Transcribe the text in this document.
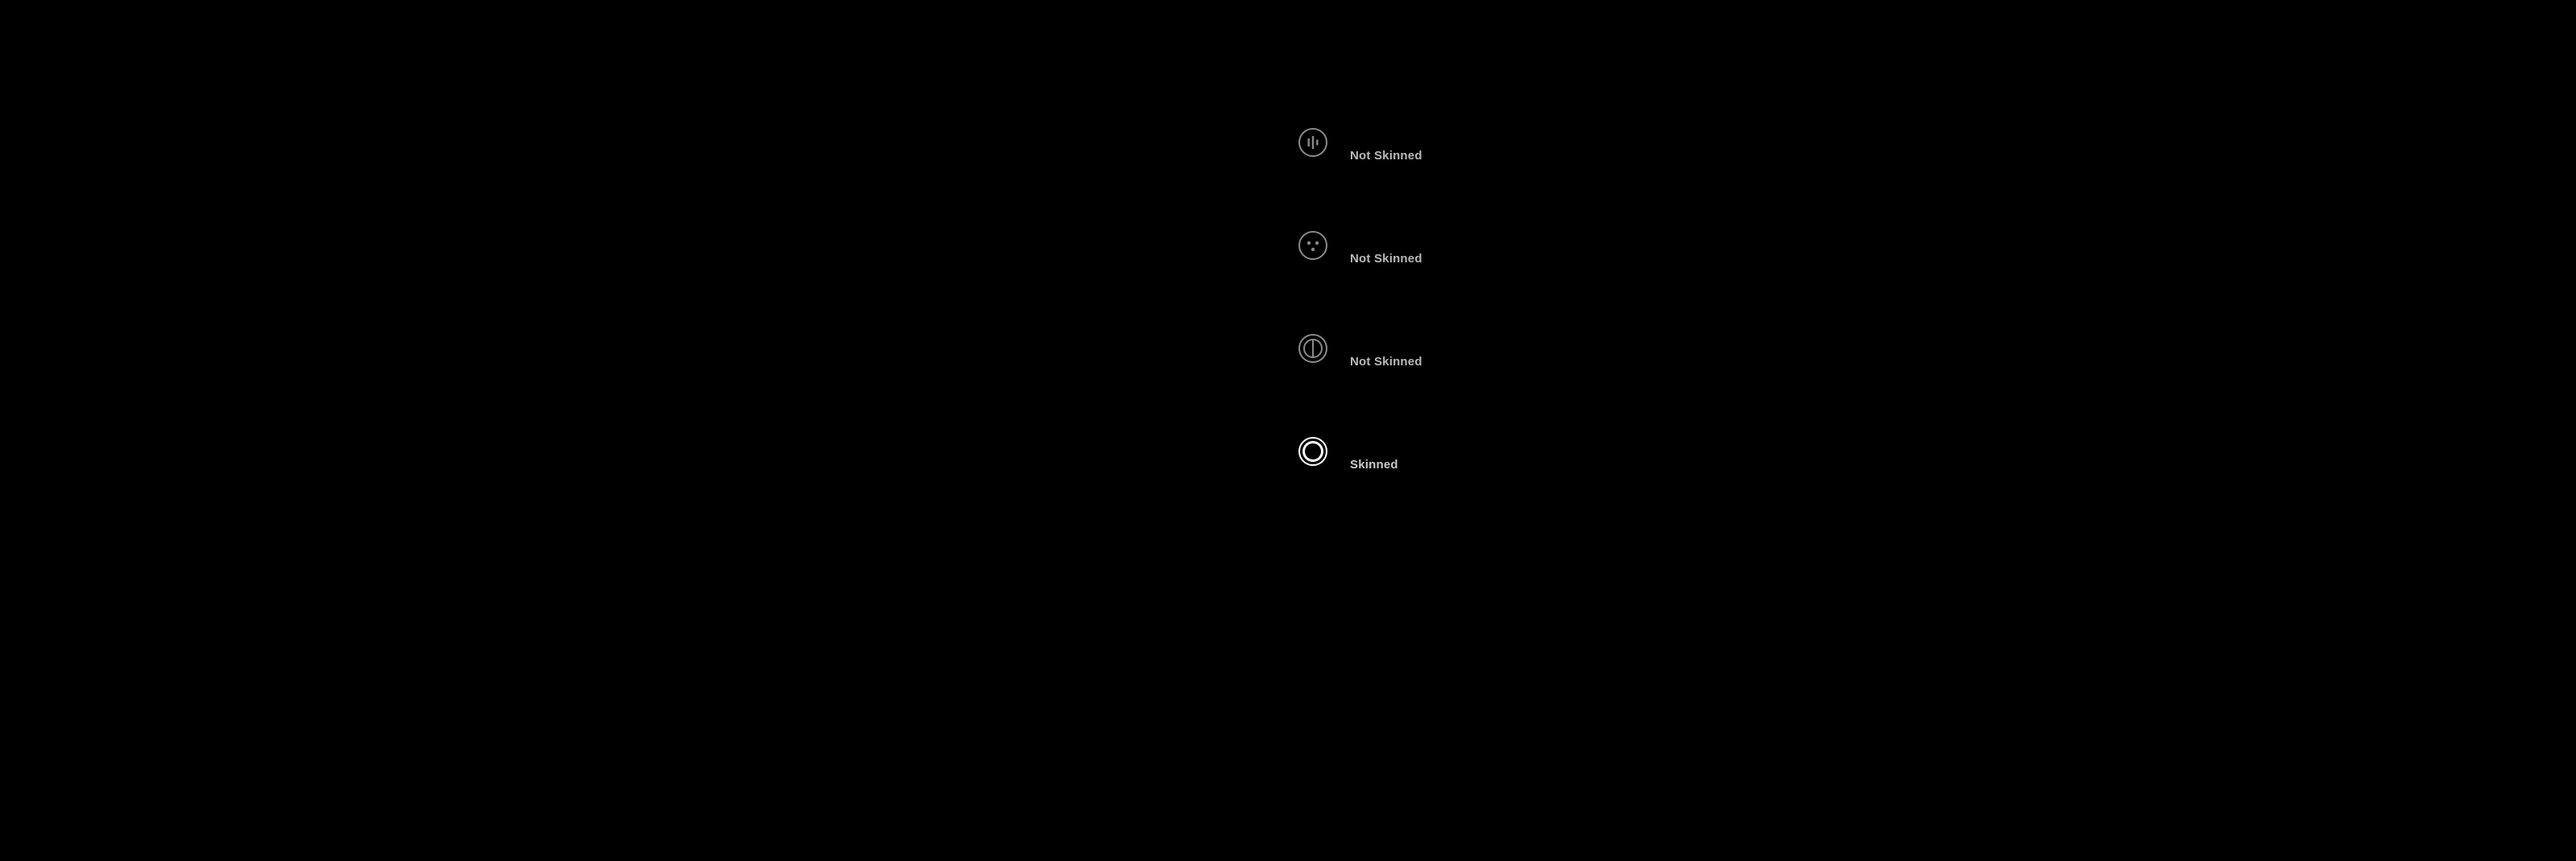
Not Skinned
Not Skinned
Not Skinned
Skinned
